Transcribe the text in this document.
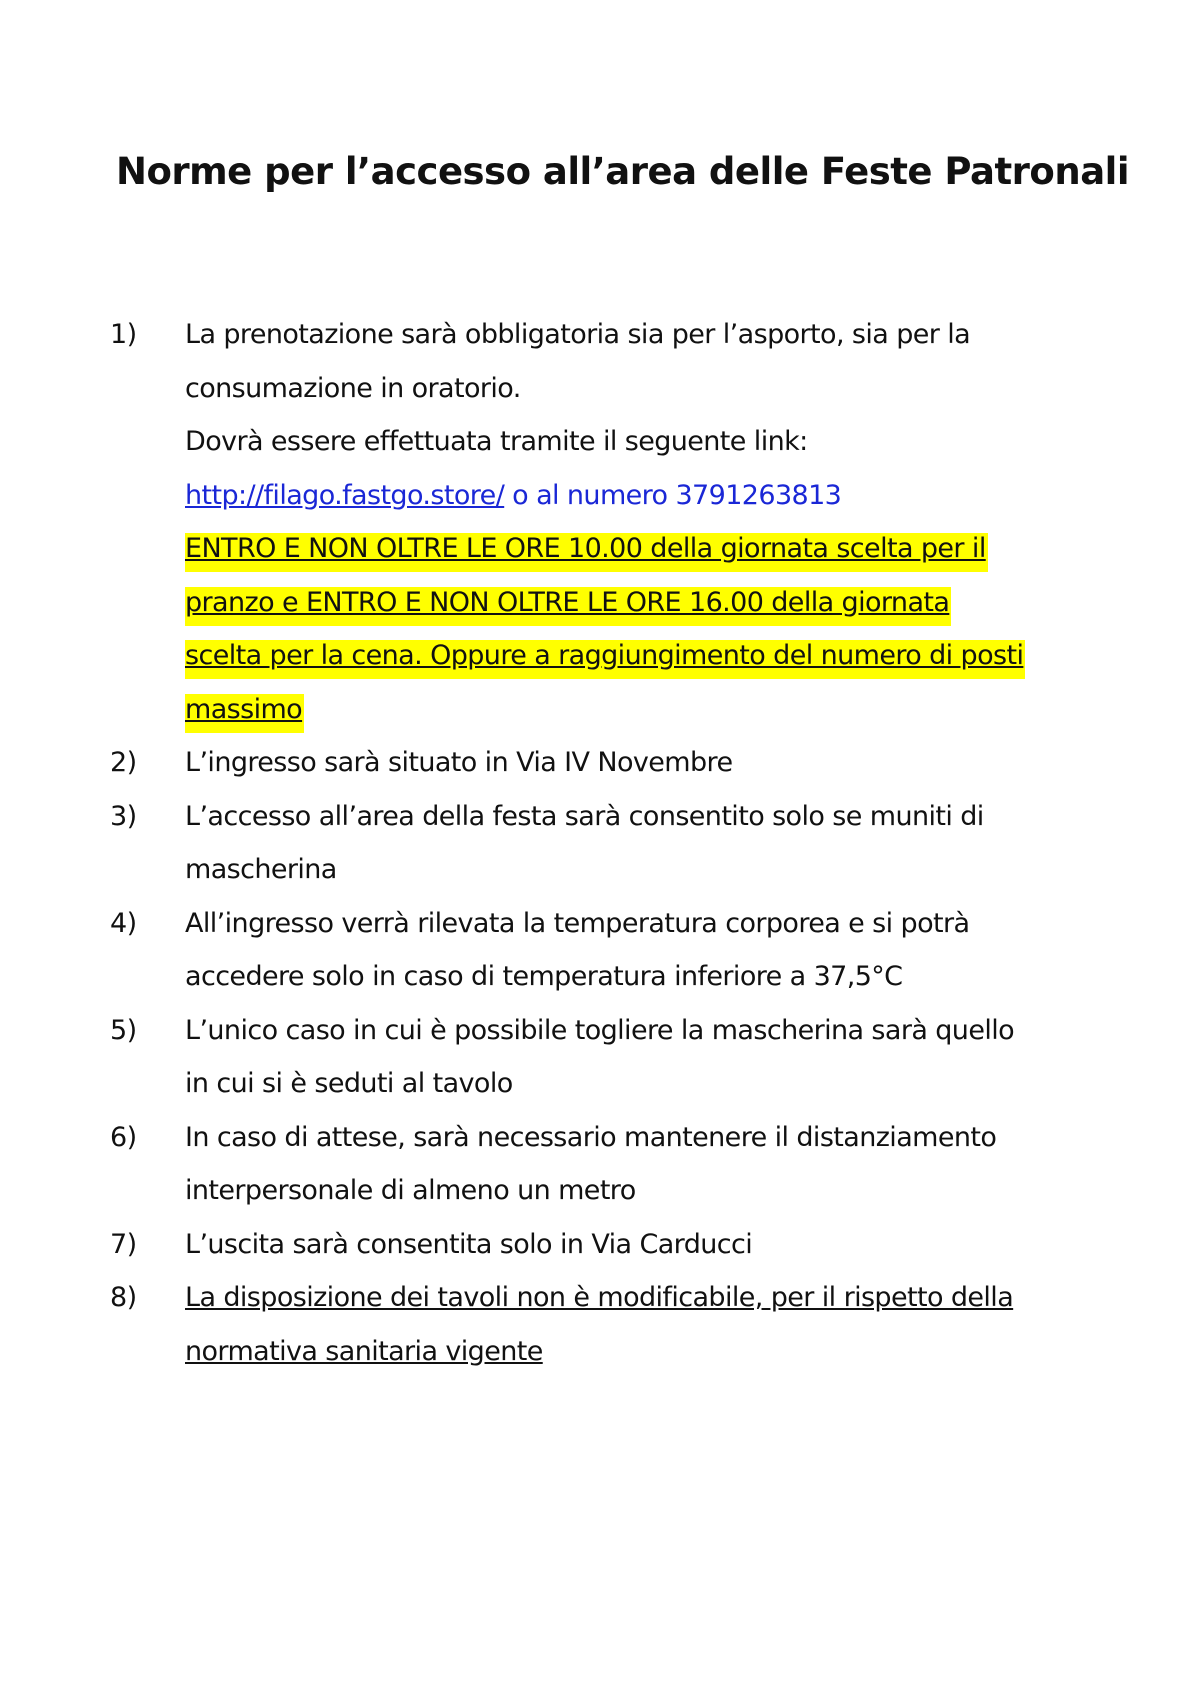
Norme per l’accesso all’area delle Feste Patronali
1)	La prenotazione sarà obbligatoria sia per l’asporto, sia per la
consumazione in oratorio.
Dovrà essere effettuata tramite il seguente link:
http://filago.fastgo.store/ o al numero 3791263813
ENTRO E NON OLTRE LE ORE 10.00 della giornata scelta per il
pranzo e ENTRO E NON OLTRE LE ORE 16.00 della giornata
scelta per la cena. Oppure a raggiungimento del numero di posti
massimo
2)	L’ingresso sarà situato in Via IV Novembre
3)	L’accesso all’area della festa sarà consentito solo se muniti di
mascherina
4)	All’ingresso verrà rilevata la temperatura corporea e si potrà
accedere solo in caso di temperatura inferiore a 37,5°C
5)	L’unico caso in cui è possibile togliere la mascherina sarà quello
in cui si è seduti al tavolo
6)	In caso di attese, sarà necessario mantenere il distanziamento
interpersonale di almeno un metro
7)	L’uscita sarà consentita solo in Via Carducci
8)	La disposizione dei tavoli non è modificabile, per il rispetto della
normativa sanitaria vigente
